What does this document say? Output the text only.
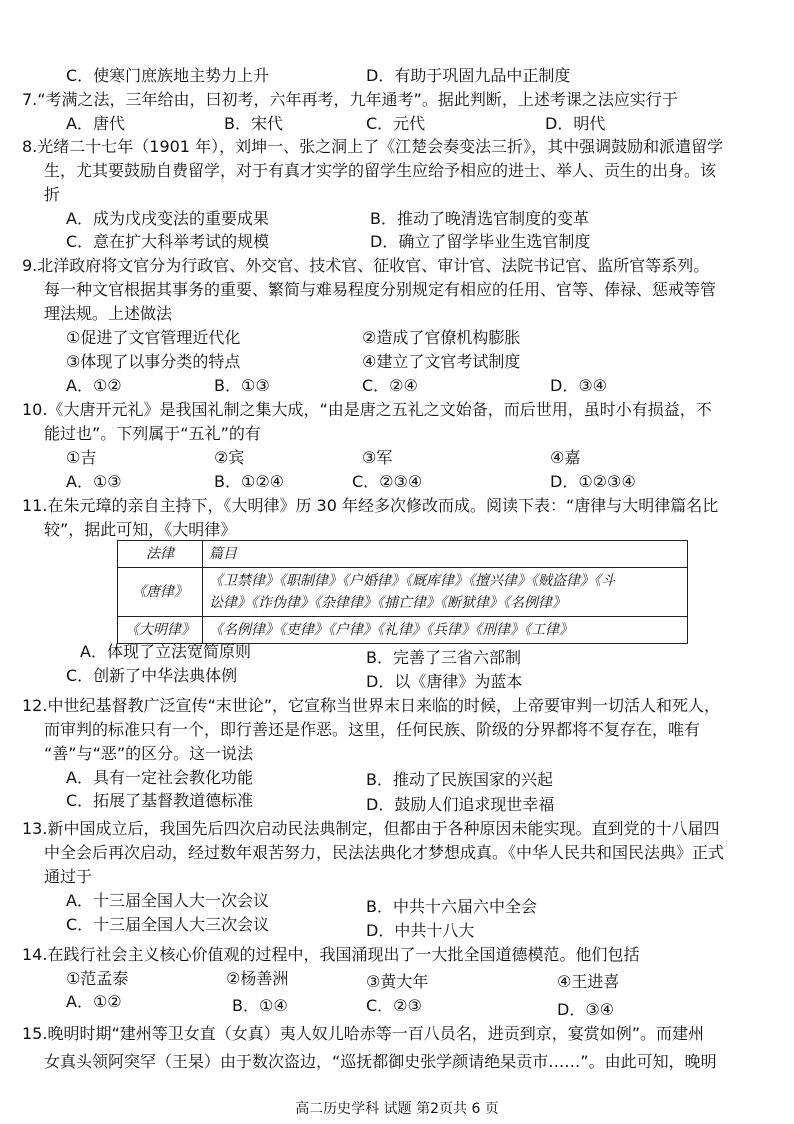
C．使寒门庶族地主势力上升	D．有助于巩固九品中正制度
7.“考满之法，三年给由，曰初考，六年再考，九年通考”。据此判断，上述考课之法应实行于
A．唐代	B．宋代	C．元代	D．明代
8.光绪二十七年（1901 年），刘坤一、张之洞上了《江楚会奏变法三折》，其中强调鼓励和派遣留学
生，尤其要鼓励自费留学，对于有真才实学的留学生应给予相应的进士、举人、贡生的出身。该
折
A．成为戊戌变法的重要成果	B．推动了晚清选官制度的变革
C．意在扩大科举考试的规模	D．确立了留学毕业生选官制度
9.北洋政府将文官分为行政官、外交官、技术官、征收官、审计官、法院书记官、监所官等系列。
每一种文官根据其事务的重要、繁简与难易程度分别规定有相应的任用、官等、俸禄、惩戒等管
理法规。上述做法
①促进了文官管理近代化	②造成了官僚机构膨胀
③体现了以事分类的特点	④建立了文官考试制度
A．①②	B．①③	C．②④	D．③④
10.《大唐开元礼》是我国礼制之集大成，“由是唐之五礼之文始备，而后世用，虽时小有损益，不
能过也”。下列属于“五礼”的有
①吉	②宾	③军	④嘉
A．①③	B．①②④	C．②③④	D．①②③④
11.在朱元璋的亲自主持下，《大明律》历 30 年经多次修改而成。阅读下表：“唐律与大明律篇名比
较”，据此可知，《大明律》
法律	篇目
《唐律》	《卫禁律》《职制律》《户婚律》《厩库律》《擅兴律》《贼盗律》《斗
讼律》《诈伪律》《杂律律》《捕亡律》《断狱律》《名例律》

《大明律》	《名例律》《吏律》《户律》《礼律》《兵律》《刑律》《工律》
A．体现了立法宽简原则	B．完善了三省六部制
C．创新了中华法典体例	D．以《唐律》为蓝本
12.中世纪基督教广泛宣传“末世论”，它宣称当世界末日来临的时候，上帝要审判一切活人和死人，
而审判的标准只有一个，即行善还是作恶。这里，任何民族、阶级的分界都将不复存在，唯有
“善”与“恶”的区分。这一说法
A．具有一定社会教化功能	B．推动了民族国家的兴起
C．拓展了基督教道德标准	D．鼓励人们追求现世幸福
13.新中国成立后，我国先后四次启动民法典制定，但都由于各种原因未能实现。直到党的十八届四
中全会后再次启动，经过数年艰苦努力，民法法典化才梦想成真。《中华人民共和国民法典》正式
通过于
A．十三届全国人大一次会议	B．中共十六届六中全会
C．十三届全国人大三次会议	D．中共十八大
14.在践行社会主义核心价值观的过程中，我国涌现出了一大批全国道德模范。他们包括
①范孟泰	②杨善洲	③黄大年	④王进喜
A．①②	B．①④	C．②③	D．③④
15.晚明时期“建州等卫女直（女真）夷人奴儿哈赤等一百八员名，进贡到京，宴赏如例”。而建州
女真头领阿突罕（王杲）由于数次盗边，“巡抚都御史张学颜请绝杲贡市……”。由此可知，晚明
高二历史学科 试题 第2页共 6 页
